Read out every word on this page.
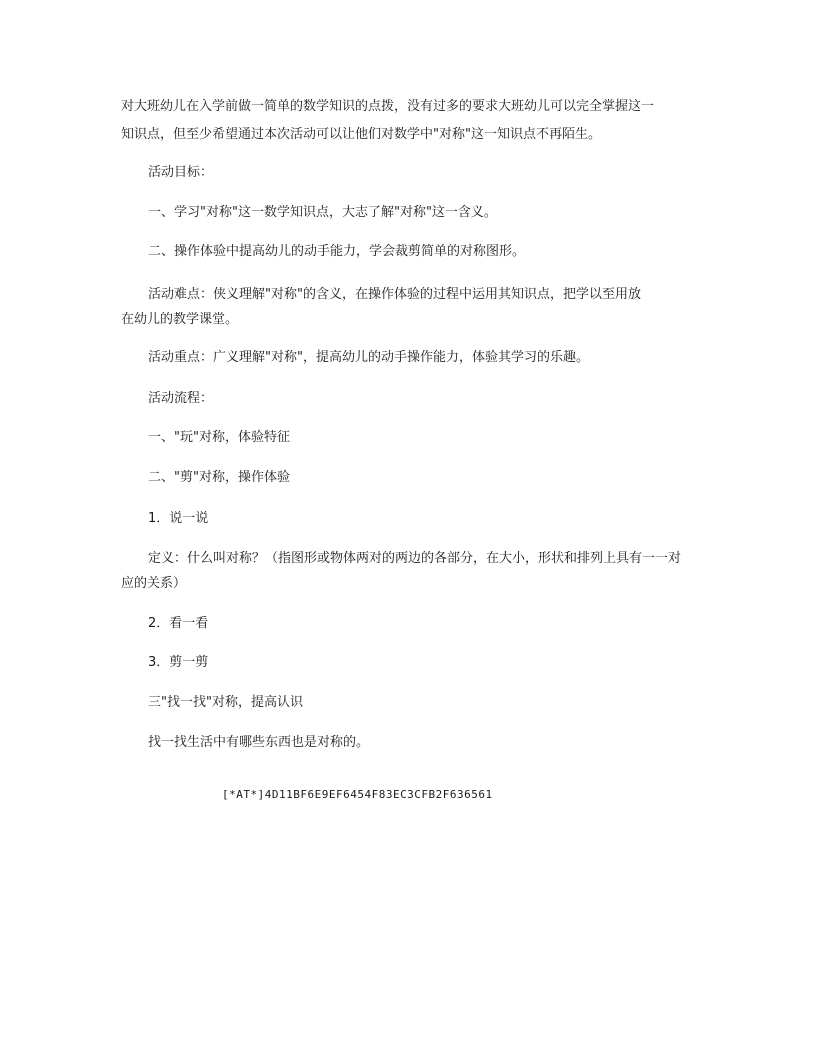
对大班幼儿在入学前做一简单的数学知识的点拨，没有过多的要求大班幼儿可以完全掌握这一

知识点，但至少希望通过本次活动可以让他们对数学中"对称"这一知识点不再陌生。

活动目标：

一、学习"对称"这一数学知识点，大志了解"对称"这一含义。

二、操作体验中提高幼儿的动手能力，学会裁剪简单的对称图形。

活动难点：侠义理解"对称"的含义，在操作体验的过程中运用其知识点，把学以至用放

在幼儿的教学课堂。

活动重点：广义理解"对称"，提高幼儿的动手操作能力，体验其学习的乐趣。

活动流程：

一、"玩"对称，体验特征

二、"剪"对称，操作体验

1．说一说

定义：什么叫对称？（指图形或物体两对的两边的各部分，在大小，形状和排列上具有一一对

应的关系）

2．看一看

3．剪一剪

三"找一找"对称，提高认识

找一找生活中有哪些东西也是对称的。

[*AT*]4D11BF6E9EF6454F83EC3CFB2F636561
